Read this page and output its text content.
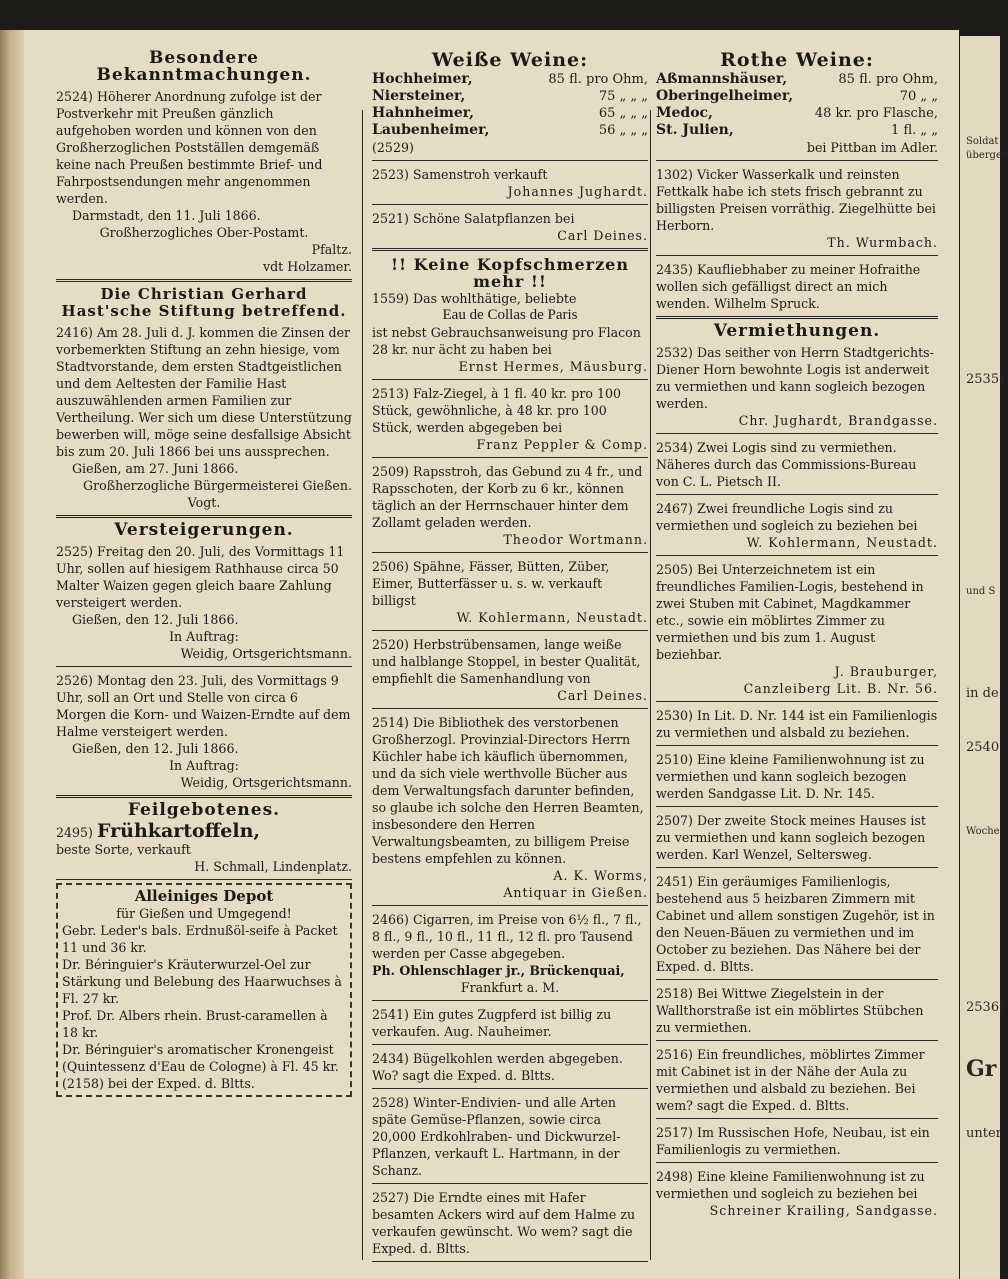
Besondere Bekanntmachungen.
2524) Höherer Anordnung zufolge ist der Postverkehr mit Preußen gänzlich aufgehoben worden und können von den Großherzoglichen Postställen demgemäß keine nach Preußen bestimmte Brief- und Fahrpostsendungen mehr angenommen werden.
Darmstadt, den 11. Juli 1866.
Großherzogliches Ober-Postamt.
Pfaltz.
vdt Holzamer.
Die Christian Gerhard Hast'sche Stiftung betreffend.
2416) Am 28. Juli d. J. kommen die Zinsen der vorbemerkten Stiftung an zehn hiesige, vom Stadtvorstande, dem ersten Stadtgeistlichen und dem Aeltesten der Familie Hast auszuwählenden armen Familien zur Vertheilung. Wer sich um diese Unterstützung bewerben will, möge seine desfallsige Absicht bis zum 20. Juli 1866 bei uns aussprechen.
Gießen, am 27. Juni 1866.
Großherzogliche Bürgermeisterei Gießen.
Vogt.
Versteigerungen.
2525) Freitag den 20. Juli, des Vormittags 11 Uhr, sollen auf hiesigem Rathhause circa 50 Malter Waizen gegen gleich baare Zahlung versteigert werden.
Gießen, den 12. Juli 1866.
In Auftrag:
Weidig, Ortsgerichtsmann.
2526) Montag den 23. Juli, des Vormittags 9 Uhr, soll an Ort und Stelle von circa 6 Morgen die Korn- und Waizen-Erndte auf dem Halme versteigert werden.
Gießen, den 12. Juli 1866.
In Auftrag:
Weidig, Ortsgerichtsmann.
Feilgebotenes.
2495) Frühkartoffeln,
beste Sorte, verkauft
H. Schmall, Lindenplatz.
Alleiniges Depot
für Gießen und Umgegend!
Gebr. Leder's bals. Erdnußöl-seife à Packet 11 und 36 kr.
Dr. Béringuier's Kräuterwurzel-Oel zur Stärkung und Belebung des Haarwuchses à Fl. 27 kr.
Prof. Dr. Albers rhein. Brust-caramellen à 18 kr.
Dr. Béringuier's aromatischer Kronengeist (Quintessenz d'Eau de Cologne) à Fl. 45 kr.
(2158) bei der Exped. d. Bltts.
Weiße Weine:
Hochheimer,	85 fl. pro Ohm,
Niersteiner,	75 „ „ „
Hahnheimer,	65 „ „ „
Laubenheimer,	56 „ „ „
(2529)
2523) Samenstroh verkauft
Johannes Jughardt.
2521) Schöne Salatpflanzen bei
Carl Deines.
!! Keine Kopfschmerzen mehr !!
1559) Das wohlthätige, beliebte
Eau de Collas de Paris
ist nebst Gebrauchsanweisung pro Flacon 28 kr. nur ächt zu haben bei
Ernst Hermes, Mäusburg.
2513) Falz-Ziegel, à 1 fl. 40 kr. pro 100 Stück, gewöhnliche, à 48 kr. pro 100 Stück, werden abgegeben bei
Franz Peppler & Comp.
2509) Rapsstroh, das Gebund zu 4 fr., und Rapsschoten, der Korb zu 6 kr., können täglich an der Herrnschauer hinter dem Zollamt geladen werden.
Theodor Wortmann.
2506) Spähne, Fässer, Bütten, Züber, Eimer, Butterfässer u. s. w. verkauft billigst
W. Kohlermann, Neustadt.
2520) Herbstrübensamen, lange weiße und halblange Stoppel, in bester Qualität, empfiehlt die Samenhandlung von
Carl Deines.
2514) Die Bibliothek des verstorbenen Großherzogl. Provinzial-Directors Herrn Küchler habe ich käuflich übernommen, und da sich viele werthvolle Bücher aus dem Verwaltungsfach darunter befinden, so glaube ich solche den Herren Beamten, insbesondere den Herren Verwaltungsbeamten, zu billigem Preise bestens empfehlen zu können.
A. K. Worms,
Antiquar in Gießen.
2466) Cigarren, im Preise von 6½ fl., 7 fl., 8 fl., 9 fl., 10 fl., 11 fl., 12 fl. pro Tausend werden per Casse abgegeben.
Ph. Ohlenschlager jr., Brückenquai,
Frankfurt a. M.
2541) Ein gutes Zugpferd ist billig zu verkaufen. Aug. Nauheimer.
2434) Bügelkohlen werden abgegeben. Wo? sagt die Exped. d. Bltts.
2528) Winter-Endivien- und alle Arten späte Gemüse-Pflanzen, sowie circa 20,000 Erdkohlraben- und Dickwurzel-Pflanzen, verkauft L. Hartmann, in der Schanz.
2527) Die Erndte eines mit Hafer besamten Ackers wird auf dem Halme zu verkaufen gewünscht. Wo wem? sagt die Exped. d. Bltts.
Rothe Weine:
Aßmannshäuser,	85 fl. pro Ohm,
Oberingelheimer,	70 „ „
Medoc,	48 kr. pro Flasche,
St. Julien,	1 fl. „ „
bei Pittban im Adler.
1302) Vicker Wasserkalk und reinsten Fettkalk habe ich stets frisch gebrannt zu billigsten Preisen vorräthig. Ziegelhütte bei Herborn.
Th. Wurmbach.
2435) Kaufliebhaber zu meiner Hofraithe wollen sich gefälligst direct an mich wenden. Wilhelm Spruck.
Vermiethungen.
2532) Das seither von Herrn Stadtgerichts-Diener Horn bewohnte Logis ist anderweit zu vermiethen und kann sogleich bezogen werden.
Chr. Jughardt, Brandgasse.
2534) Zwei Logis sind zu vermiethen. Näheres durch das Commissions-Bureau von C. L. Pietsch II.
2467) Zwei freundliche Logis sind zu vermiethen und sogleich zu beziehen bei
W. Kohlermann, Neustadt.
2505) Bei Unterzeichnetem ist ein freundliches Familien-Logis, bestehend in zwei Stuben mit Cabinet, Magdkammer etc., sowie ein möblirtes Zimmer zu vermiethen und bis zum 1. August beziehbar.
J. Brauburger,
Canzleiberg Lit. B. Nr. 56.
2530) In Lit. D. Nr. 144 ist ein Familienlogis zu vermiethen und alsbald zu beziehen.
2510) Eine kleine Familienwohnung ist zu vermiethen und kann sogleich bezogen werden Sandgasse Lit. D. Nr. 145.
2507) Der zweite Stock meines Hauses ist zu vermiethen und kann sogleich bezogen werden. Karl Wenzel, Seltersweg.
2451) Ein geräumiges Familienlogis, bestehend aus 5 heizbaren Zimmern mit Cabinet und allem sonstigen Zugehör, ist in den Neuen-Bäuen zu vermiethen und im October zu beziehen. Das Nähere bei der Exped. d. Bltts.
2518) Bei Wittwe Ziegelstein in der Wallthorstraße ist ein möblirtes Stübchen zu vermiethen.
2516) Ein freundliches, möblirtes Zimmer mit Cabinet ist in der Nähe der Aula zu vermiethen und alsbald zu beziehen. Bei wem? sagt die Exped. d. Bltts.
2517) Im Russischen Hofe, Neubau, ist ein Familienlogis zu vermiethen.
2498) Eine kleine Familienwohnung ist zu vermiethen und sogleich zu beziehen bei
Schreiner Krailing, Sandgasse.
Soldat
übergeb
2535)
und S
in de
2540
Woche
2536)
Gr
unter
